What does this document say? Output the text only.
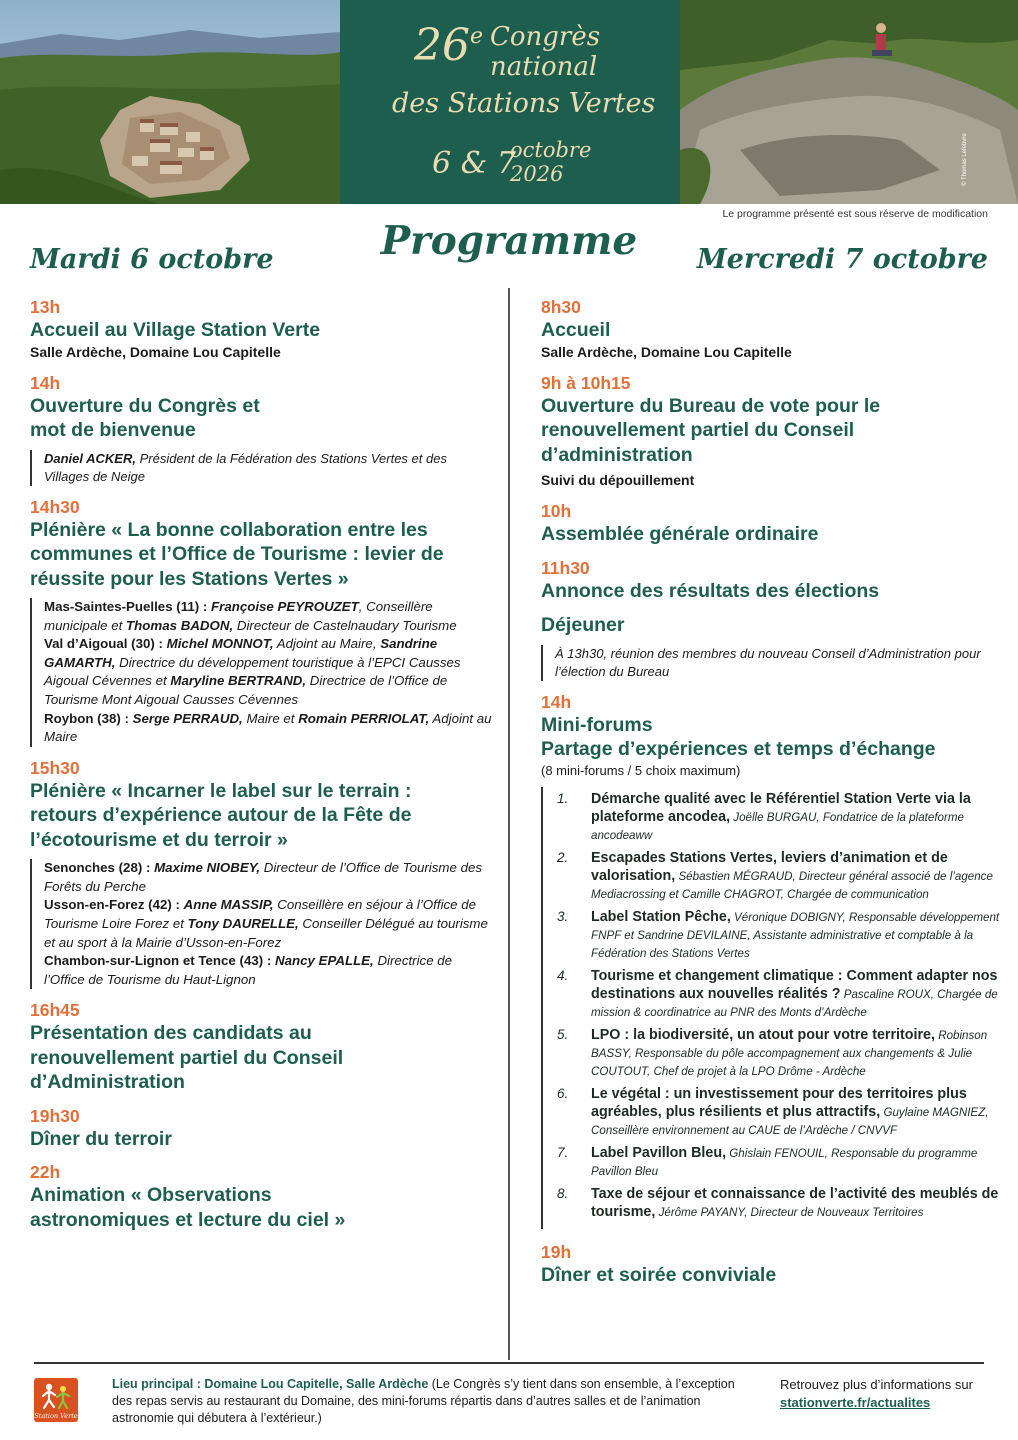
26e Congrès
national
des Stations Vertes
6 & 7
octobre
2026	© Thomas Lefebvre
Le programme présenté est sous réserve de modification
Programme
Mardi 6 octobre	Mercredi 7 octobre
13h
Accueil au Village Station Verte
Salle Ardèche, Domaine Lou Capitelle
14h
Ouverture du Congrès et mot de bienvenue
Daniel ACKER, Président de la Fédération des Stations Vertes et des Villages de Neige
14h30
Plénière « La bonne collaboration entre les communes et l’Office de Tourisme : levier de réussite pour les Stations Vertes »

Mas-Saintes-Puelles (11) : Françoise PEYROUZET, Conseillère municipale et Thomas BADON, Directeur de Castelnaudary Tourisme

Val d’Aigoual (30) : Michel MONNOT, Adjoint au Maire, Sandrine GAMARTH, Directrice du développement touristique à l’EPCI Causses Aigoual Cévennes et Maryline BERTRAND, Directrice de l’Office de Tourisme Mont Aigoual Causses Cévennes

Roybon (38) : Serge PERRAUD, Maire et Romain PERRIOLAT, Adjoint au Maire

15h30
Plénière « Incarner le label sur le terrain : retours d’expérience autour de la Fête de l’écotourisme et du terroir »

Senonches (28) : Maxime NIOBEY, Directeur de l’Office de Tourisme des Forêts du Perche

Usson-en-Forez (42) : Anne MASSIP, Conseillère en séjour à l’Office de Tourisme Loire Forez et Tony DAURELLE, Conseiller Délégué au tourisme et au sport à la Mairie d’Usson-en-Forez

Chambon-sur-Lignon et Tence (43) : Nancy EPALLE, Directrice de l’Office de Tourisme du Haut-Lignon

16h45
Présentation des candidats au renouvellement partiel du Conseil d’Administration
19h30
Dîner du terroir
22h
Animation « Observations astronomiques et lecture du ciel »
8h30
Accueil
Salle Ardèche, Domaine Lou Capitelle
9h à 10h15
Ouverture du Bureau de vote pour le renouvellement partiel du Conseil d’administration
Suivi du dépouillement
10h
Assemblée générale ordinaire
11h30
Annonce des résultats des élections
Déjeuner
À 13h30, réunion des membres du nouveau Conseil d’Administration pour l’élection du Bureau
14h
Mini-forums
Partage d’expériences et temps d’échange
(8 mini-forums / 5 choix maximum)
1. Démarche qualité avec le Référentiel Station Verte via la plateforme ancodea, Joëlle BURGAU, Fondatrice de la plateforme ancodeaww
2. Escapades Stations Vertes, leviers d’animation et de valorisation, Sébastien MÉGRAUD, Directeur général associé de l’agence Mediacrossing et Camille CHAGROT, Chargée de communication
3. Label Station Pêche, Véronique DOBIGNY, Responsable développement FNPF et Sandrine DEVILAINE, Assistante administrative et comptable à la Fédération des Stations Vertes
4. Tourisme et changement climatique : Comment adapter nos destinations aux nouvelles réalités ? Pascaline ROUX, Chargée de mission & coordinatrice au PNR des Monts d’Ardèche
5. LPO : la biodiversité, un atout pour votre territoire, Robinson BASSY, Responsable du pôle accompagnement aux changements & Julie COUTOUT, Chef de projet à la LPO Drôme - Ardèche
6. Le végétal : un investissement pour des territoires plus agréables, plus résilients et plus attractifs, Guylaine MAGNIEZ, Conseillère environnement au CAUE de l’Ardèche / CNVVF
7. Label Pavillon Bleu, Ghislain FENOUIL, Responsable du programme Pavillon Bleu
8. Taxe de séjour et connaissance de l’activité des meublés de tourisme, Jérôme PAYANY, Directeur de Nouveaux Territoires
19h
Dîner et soirée conviviale
Station Verte
Lieu principal : Domaine Lou Capitelle, Salle Ardèche (Le Congrès s’y tient dans son ensemble, à l’exception des repas servis au restaurant du Domaine, des mini-forums répartis dans d’autres salles et de l’animation astronomie qui débutera à l’extérieur.)
Retrouvez plus d’informations sur
stationverte.fr/actualites
